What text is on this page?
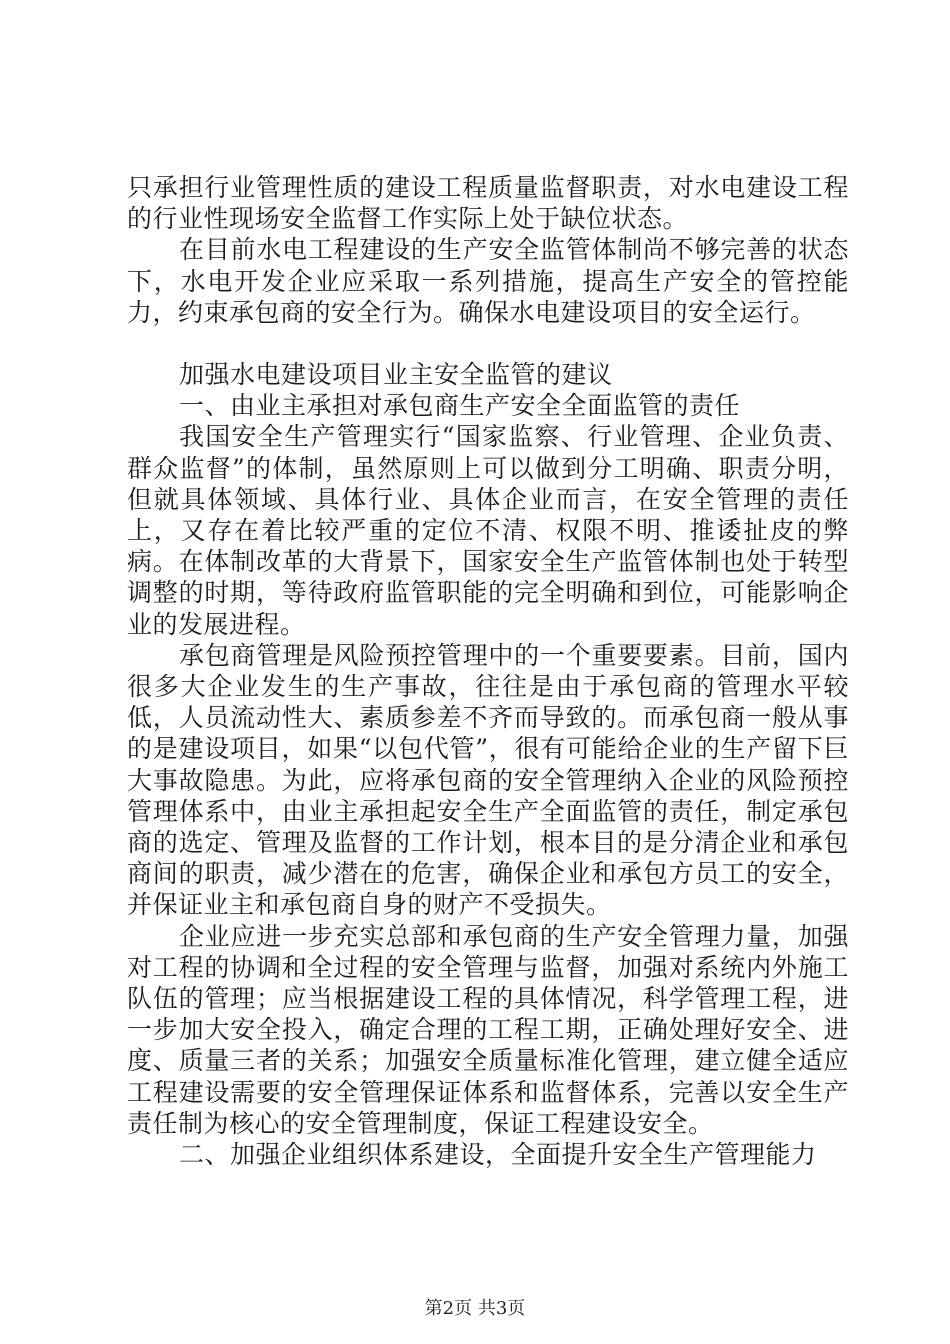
只承担行业管理性质的建设工程质量监督职责，对水电建设工程的行业性现场安全监督工作实际上处于缺位状态。

在目前水电工程建设的生产安全监管体制尚不够完善的状态下，水电开发企业应采取一系列措施，提高生产安全的管控能力，约束承包商的安全行为。确保水电建设项目的安全运行。

加强水电建设项目业主安全监管的建议

一、由业主承担对承包商生产安全全面监管的责任

我国安全生产管理实行“国家监察、行业管理、企业负责、群众监督”的体制，虽然原则上可以做到分工明确、职责分明，但就具体领域、具体行业、具体企业而言，在安全管理的责任上，又存在着比较严重的定位不清、权限不明、推诿扯皮的弊病。在体制改革的大背景下，国家安全生产监管体制也处于转型调整的时期，等待政府监管职能的完全明确和到位，可能影响企业的发展进程。

承包商管理是风险预控管理中的一个重要要素。目前，国内很多大企业发生的生产事故，往往是由于承包商的管理水平较低，人员流动性大、素质参差不齐而导致的。而承包商一般从事的是建设项目，如果“以包代管”，很有可能给企业的生产留下巨大事故隐患。为此，应将承包商的安全管理纳入企业的风险预控管理体系中，由业主承担起安全生产全面监管的责任，制定承包商的选定、管理及监督的工作计划，根本目的是分清企业和承包商间的职责，减少潜在的危害，确保企业和承包方员工的安全，并保证业主和承包商自身的财产不受损失。

企业应进一步充实总部和承包商的生产安全管理力量，加强对工程的协调和全过程的安全管理与监督，加强对系统内外施工队伍的管理；应当根据建设工程的具体情况，科学管理工程，进一步加大安全投入，确定合理的工程工期，正确处理好安全、进度、质量三者的关系；加强安全质量标准化管理，建立健全适应工程建设需要的安全管理保证体系和监督体系，完善以安全生产责任制为核心的安全管理制度，保证工程建设安全。

二、加强企业组织体系建设，全面提升安全生产管理能力

第2页 共3页
